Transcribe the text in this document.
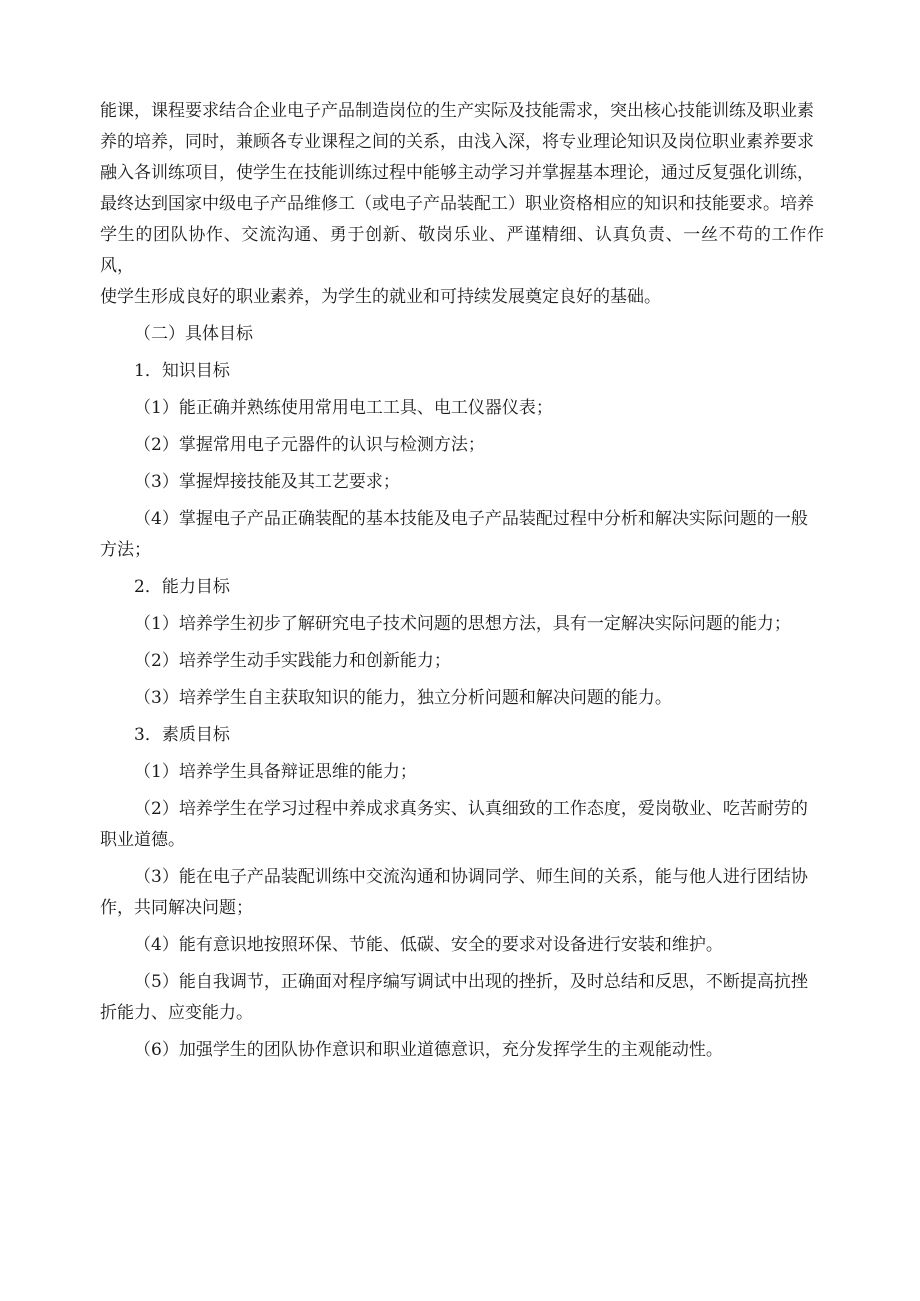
能课，课程要求结合企业电子产品制造岗位的生产实际及技能需求，突出核心技能训练及职业素
养的培养，同时，兼顾各专业课程之间的关系，由浅入深，将专业理论知识及岗位职业素养要求
融入各训练项目，使学生在技能训练过程中能够主动学习并掌握基本理论，通过反复强化训练，
最终达到国家中级电子产品维修工（或电子产品装配工）职业资格相应的知识和技能要求。培养
学生的团队协作、交流沟通、勇于创新、敬岗乐业、严谨精细、认真负责、一丝不苟的工作作风，
使学生形成良好的职业素养，为学生的就业和可持续发展奠定良好的基础。
（二）具体目标
1．知识目标
（1）能正确并熟练使用常用电工工具、电工仪器仪表；
（2）掌握常用电子元器件的认识与检测方法；
（3）掌握焊接技能及其工艺要求；
（4）掌握电子产品正确装配的基本技能及电子产品装配过程中分析和解决实际问题的一般
方法；
2．能力目标
（1）培养学生初步了解研究电子技术问题的思想方法，具有一定解决实际问题的能力；
（2）培养学生动手实践能力和创新能力；
（3）培养学生自主获取知识的能力，独立分析问题和解决问题的能力。
3．素质目标
（1）培养学生具备辩证思维的能力；
（2）培养学生在学习过程中养成求真务实、认真细致的工作态度，爱岗敬业、吃苦耐劳的
职业道德。
（3）能在电子产品装配训练中交流沟通和协调同学、师生间的关系，能与他人进行团结协
作，共同解决问题；
（4）能有意识地按照环保、节能、低碳、安全的要求对设备进行安装和维护。
（5）能自我调节，正确面对程序编写调试中出现的挫折，及时总结和反思，不断提高抗挫
折能力、应变能力。
（6）加强学生的团队协作意识和职业道德意识，充分发挥学生的主观能动性。
